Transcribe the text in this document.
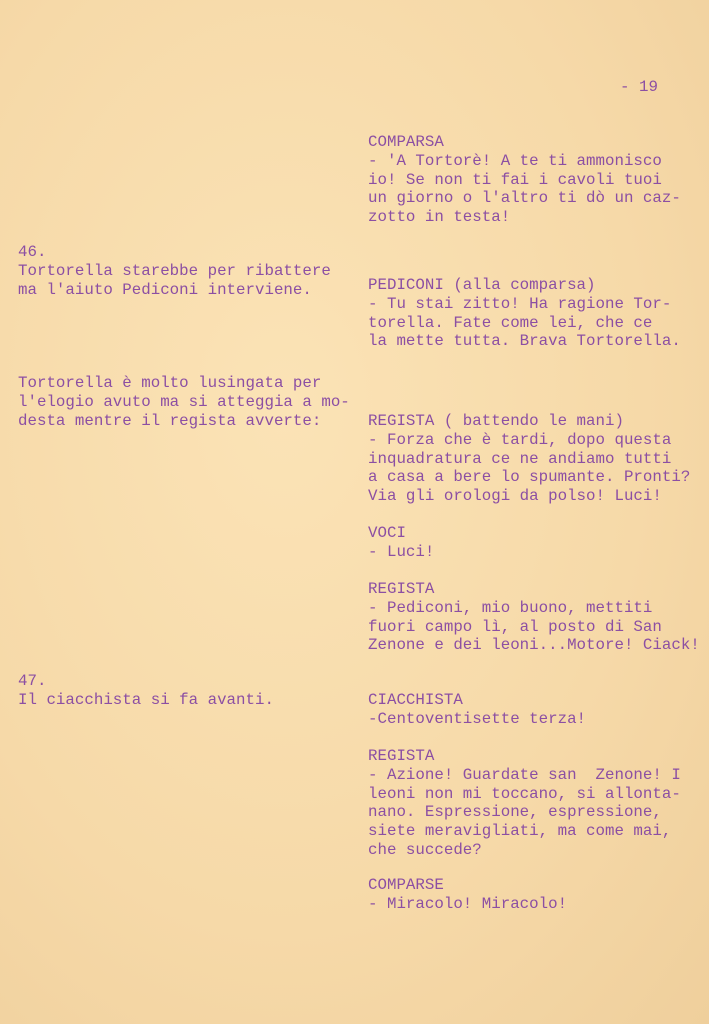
- 19
46.
Tortorella starebbe per ribattere
ma l'aiuto Pediconi interviene.
Tortorella è molto lusingata per
l'elogio avuto ma si atteggia a mo-
desta mentre il regista avverte:
47.
Il ciacchista si fa avanti.
COMPARSA
- 'A Tortorè! A te ti ammonisco
io! Se non ti fai i cavoli tuoi
un giorno o l'altro ti dò un caz-
zotto in testa!
PEDICONI (alla comparsa)
- Tu stai zitto! Ha ragione Tor-
torella. Fate come lei, che ce
la mette tutta. Brava Tortorella.
REGISTA ( battendo le mani)
- Forza che è tardi, dopo questa
inquadratura ce ne andiamo tutti
a casa a bere lo spumante. Pronti?
Via gli orologi da polso! Luci!
VOCI
- Luci!
REGISTA
- Pediconi, mio buono, mettiti
fuori campo lì, al posto di San
Zenone e dei leoni...Motore! Ciack!
CIACCHISTA
-Centoventisette terza!
REGISTA
- Azione! Guardate san  Zenone! I
leoni non mi toccano, si allonta-
nano. Espressione, espressione,
siete meravigliati, ma come mai,
che succede?
COMPARSE
- Miracolo! Miracolo!
